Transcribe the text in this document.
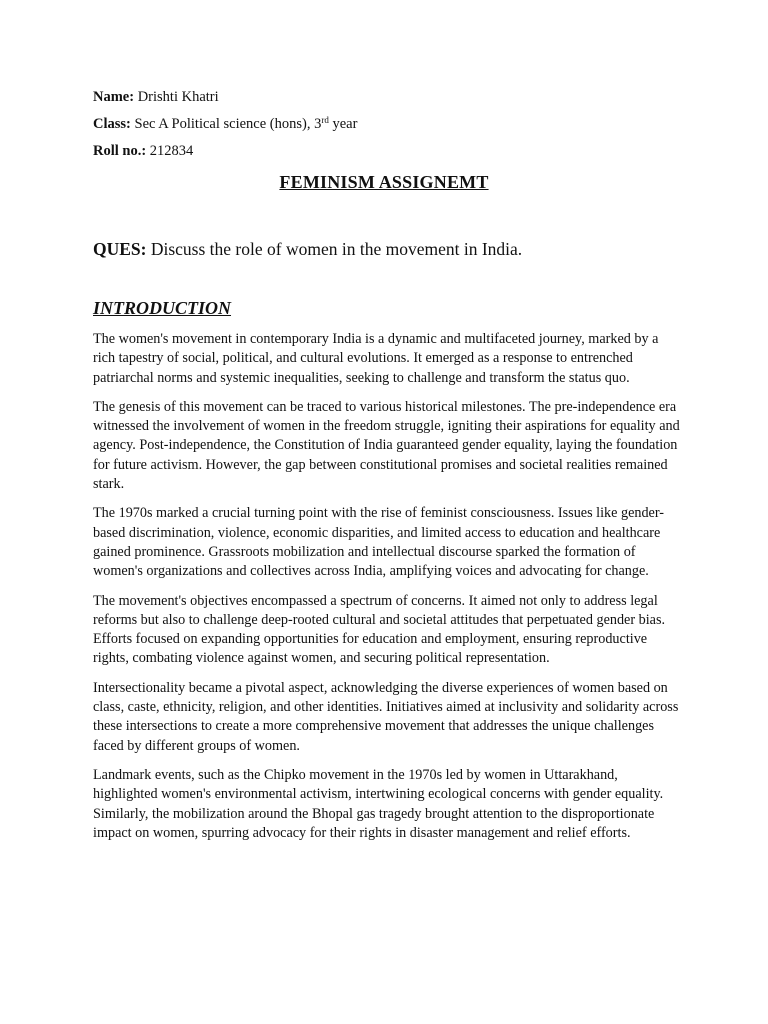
Name: Drishti Khatri
Class: Sec A Political science (hons), 3rd year
Roll no.: 212834
FEMINISM ASSIGNEMT
QUES: Discuss the role of women in the movement in India.
INTRODUCTION

The women's movement in contemporary India is a dynamic and multifaceted journey, marked by a rich tapestry of social, political, and cultural evolutions. It emerged as a response to entrenched patriarchal norms and systemic inequalities, seeking to challenge and transform the status quo.

The genesis of this movement can be traced to various historical milestones. The pre-independence era witnessed the involvement of women in the freedom struggle, igniting their aspirations for equality and agency. Post-independence, the Constitution of India guaranteed gender equality, laying the foundation for future activism. However, the gap between constitutional promises and societal realities remained stark.

The 1970s marked a crucial turning point with the rise of feminist consciousness. Issues like gender-based discrimination, violence, economic disparities, and limited access to education and healthcare gained prominence. Grassroots mobilization and intellectual discourse sparked the formation of women's organizations and collectives across India, amplifying voices and advocating for change.

The movement's objectives encompassed a spectrum of concerns. It aimed not only to address legal reforms but also to challenge deep-rooted cultural and societal attitudes that perpetuated gender bias. Efforts focused on expanding opportunities for education and employment, ensuring reproductive rights, combating violence against women, and securing political representation.

Intersectionality became a pivotal aspect, acknowledging the diverse experiences of women based on class, caste, ethnicity, religion, and other identities. Initiatives aimed at inclusivity and solidarity across these intersections to create a more comprehensive movement that addresses the unique challenges faced by different groups of women.

Landmark events, such as the Chipko movement in the 1970s led by women in Uttarakhand, highlighted women's environmental activism, intertwining ecological concerns with gender equality. Similarly, the mobilization around the Bhopal gas tragedy brought attention to the disproportionate impact on women, spurring advocacy for their rights in disaster management and relief efforts.
